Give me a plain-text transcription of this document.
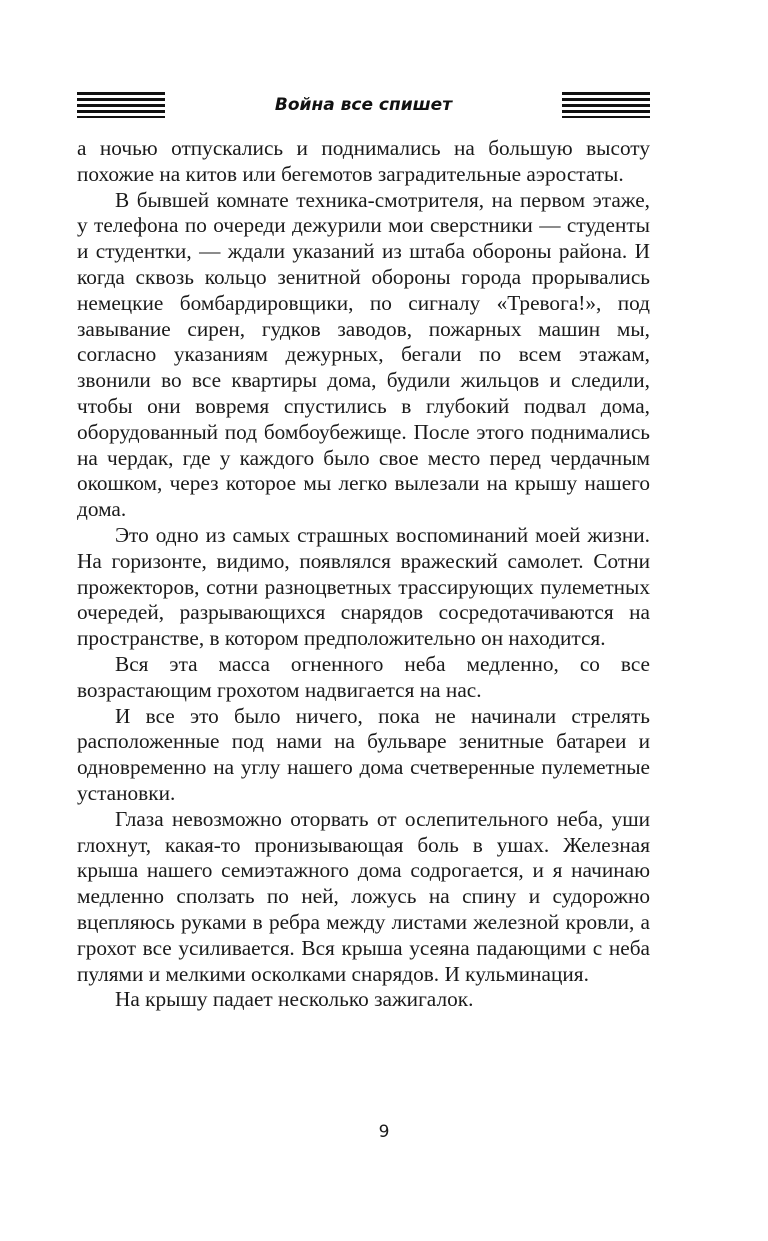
Война все спишет

а ночью отпускались и поднимались на большую высоту похожие на китов или бегемотов заградительные аэростаты.

В бывшей комнате техника-смотрителя, на первом этаже, у телефона по очереди дежурили мои сверстники — студенты и студентки, — ждали указаний из штаба обороны района. И когда сквозь кольцо зенитной обороны города прорывались немецкие бомбардировщики, по сигналу «Тревога!», под завывание сирен, гудков заводов, пожарных машин мы, согласно указаниям дежурных, бегали по всем этажам, звонили во все квартиры дома, будили жильцов и следили, чтобы они вовремя спустились в глубокий подвал дома, оборудованный под бомбоубежище. После этого поднимались на чердак, где у каждого было свое место перед чердачным окошком, через которое мы легко вылезали на крышу нашего дома.

Это одно из самых страшных воспоминаний моей жизни. На горизонте, видимо, появлялся вражеский самолет. Сотни прожекторов, сотни разноцветных трассирующих пулеметных очередей, разрывающихся снарядов сосредотачиваются на пространстве, в котором предположительно он находится.

Вся эта масса огненного неба медленно, со все возрастающим грохотом надвигается на нас.

И все это было ничего, пока не начинали стрелять расположенные под нами на бульваре зенитные батареи и одновременно на углу нашего дома счетверенные пулеметные установки.

Глаза невозможно оторвать от ослепительного неба, уши глохнут, какая-то пронизывающая боль в ушах. Железная крыша нашего семиэтажного дома содрогается, и я начинаю медленно сползать по ней, ложусь на спину и судорожно вцепляюсь руками в ребра между листами железной кровли, а грохот все усиливается. Вся крыша усеяна падающими с неба пулями и мелкими осколками снарядов. И кульминация.

На крышу падает несколько зажигалок.

9
